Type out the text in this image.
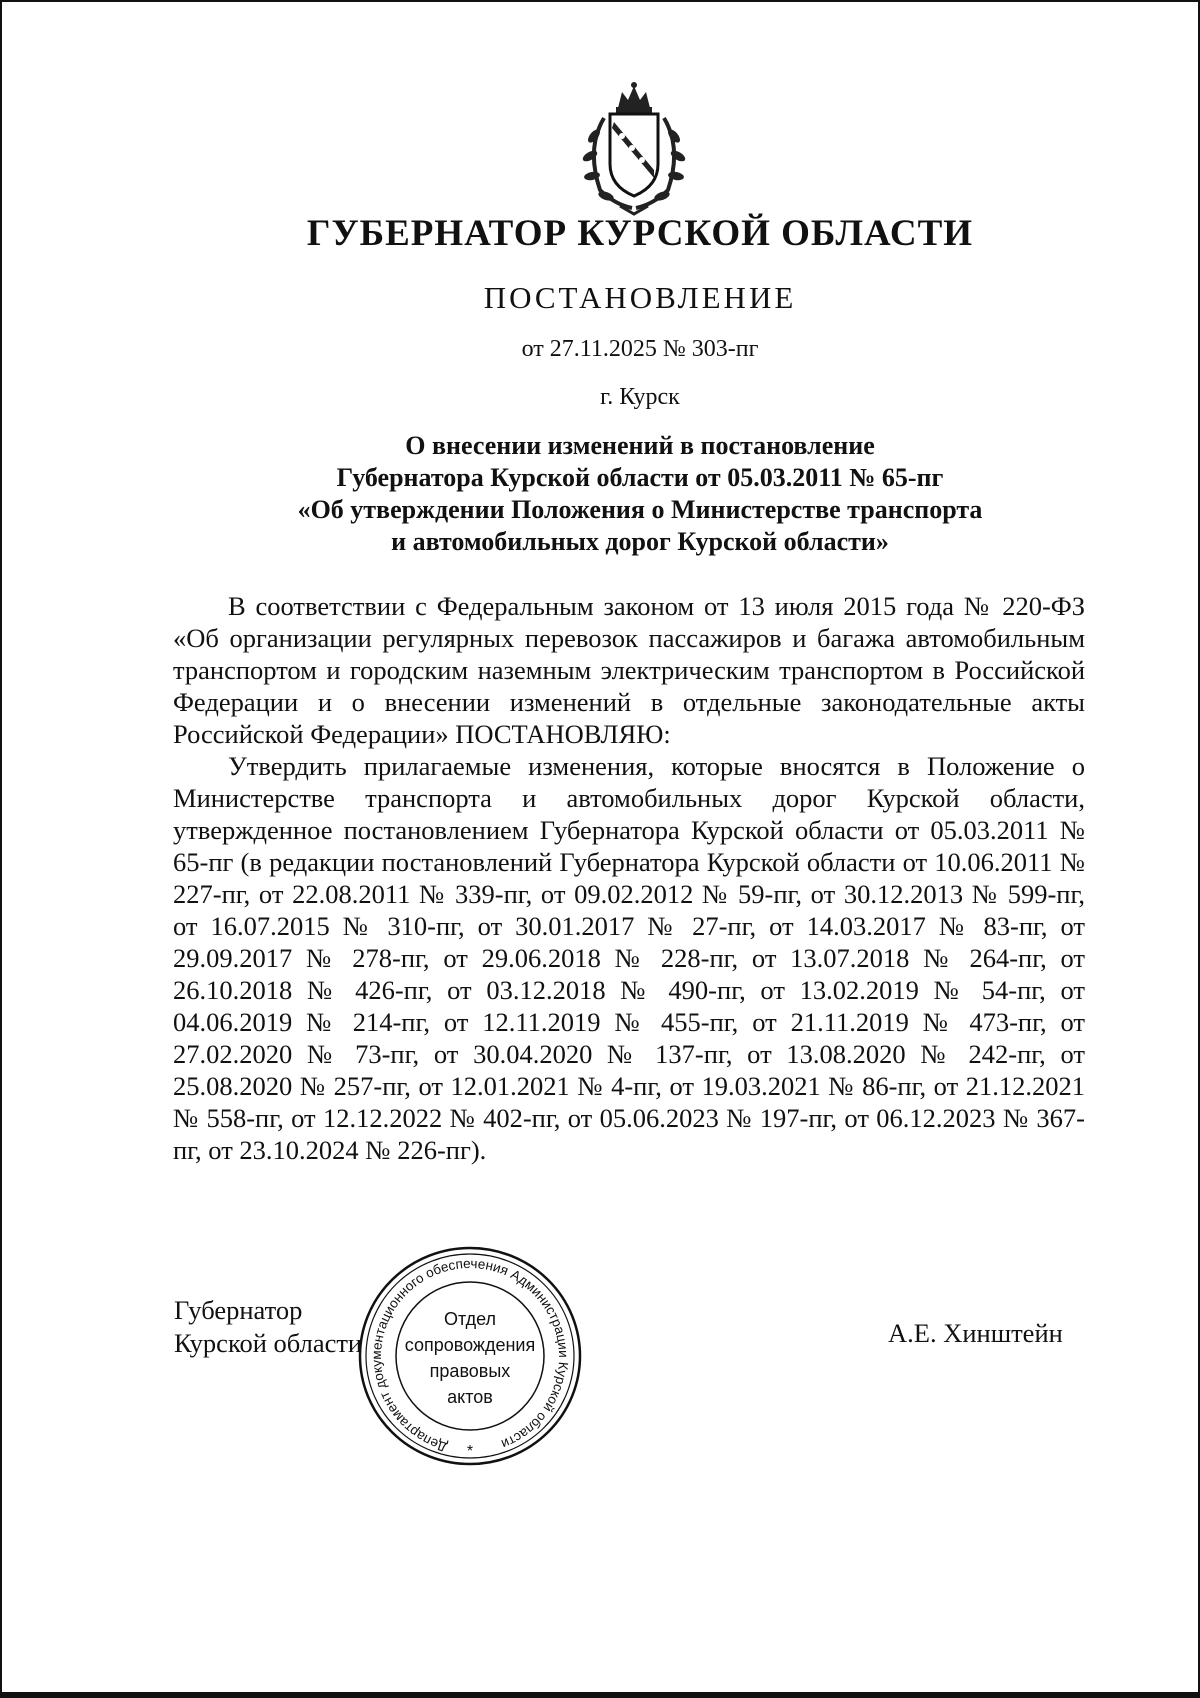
ГУБЕРНАТОР КУРСКОЙ ОБЛАСТИ
ПОСТАНОВЛЕНИЕ
от 27.11.2025 № 303-пг
г. Курск
О внесении изменений в постановление
Губернатора Курской области от 05.03.2011 № 65-пг
«Об утверждении Положения о Министерстве транспорта
и автомобильных дорог Курской области»

В соответствии с Федеральным законом от 13 июля 2015 года № 220-ФЗ «Об организации регулярных перевозок пассажиров и багажа автомобильным транспортом и городским наземным электрическим транспортом в Российской Федерации и о внесении изменений в отдельные законодательные акты Российской Федерации» ПОСТАНОВЛЯЮ:

Утвердить прилагаемые изменения, которые вносятся в Положение о Министерстве транспорта и автомобильных дорог Курской области, утвержденное постановлением Губернатора Курской области от 05.03.2011 № 65-пг (в редакции постановлений Губернатора Курской области от 10.06.2011 № 227-пг, от 22.08.2011 № 339-пг, от 09.02.2012 № 59-пг, от 30.12.2013 № 599-пг, от 16.07.2015 № 310-пг, от 30.01.2017 № 27-пг, от 14.03.2017 № 83-пг, от 29.09.2017 № 278-пг, от 29.06.2018 № 228-пг, от 13.07.2018 № 264-пг, от 26.10.2018 № 426-пг, от 03.12.2018 № 490-пг, от 13.02.2019 № 54-пг, от 04.06.2019 № 214-пг, от 12.11.2019 № 455-пг, от 21.11.2019 № 473-пг, от 27.02.2020 № 73-пг, от 30.04.2020 № 137-пг, от 13.08.2020 № 242-пг, от 25.08.2020 № 257-пг, от 12.01.2021 № 4-пг, от 19.03.2021 № 86-пг, от 21.12.2021 № 558-пг, от 12.12.2022 № 402-пг, от 05.06.2023 № 197-пг, от 06.12.2023 № 367-пг, от 23.10.2024 № 226-пг).

Губернатор
Курской области
Департамент документационного обеспечения Администрации Курской области
*
Отдел
сопровождения
правовых
актов
А.Е. Хинштейн
